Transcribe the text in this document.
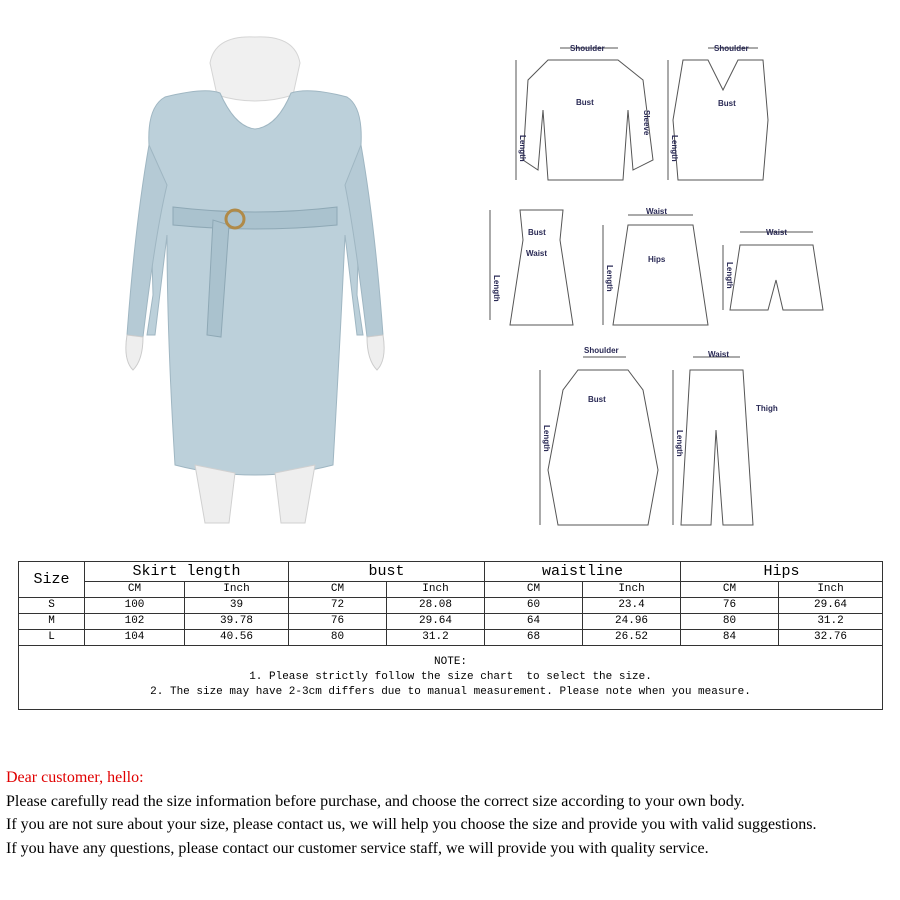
Shoulder
Bust
Sleeve
Length
Shoulder
Bust
Length
Bust
Waist
Length
Waist
Hips
Length
Waist
Length
Shoulder
Bust
Length
Waist
Thigh
Length
Size	Skirt length		bust		waistline		Hips	
	CM	Inch	CM	Inch	CM	Inch	CM	Inch
S	100	39	72	28.08	60	23.4	76	29.64
M	102	39.78	76	29.64	64	24.96	80	31.2
L	104	40.56	80	31.2	68	26.52	84	32.76

NOTE:
1. Please strictly follow the size chart  to select the size.
2. The size may have 2-3cm differs due to manual measurement. Please note when you measure.								
Dear customer, hello:
Please carefully read the size information before purchase, and choose the correct size according to your own body.
If you are not sure about your size, please contact us, we will help you choose the size and provide you with valid suggestions.
If you have any questions, please contact our customer service staff, we will provide you with quality service.
